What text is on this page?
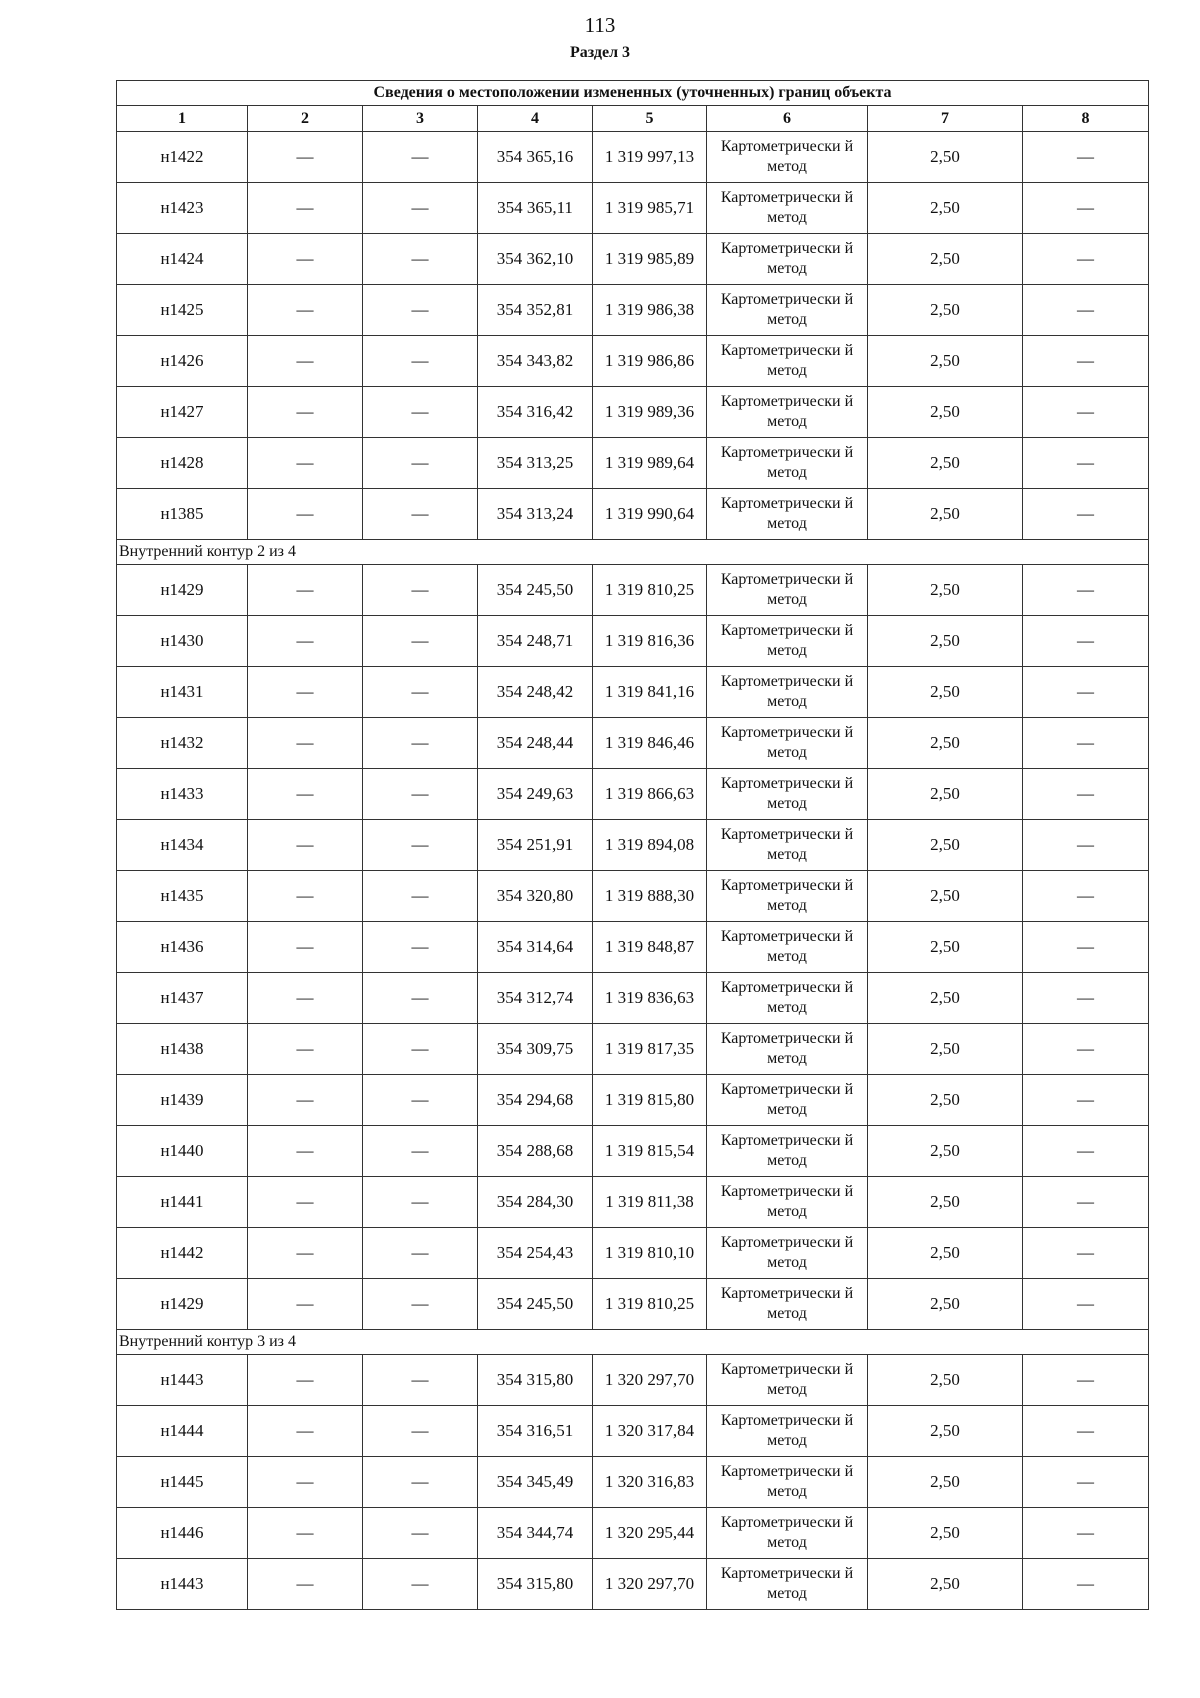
113
Раздел 3
Сведения о местоположении измененных (уточненных) границ объекта							
1	2	3	4	5	6	7	8
н1422	—	—	354 365,16	1 319 997,13	Картометрически й метод	2,50	—
н1423	—	—	354 365,11	1 319 985,71	Картометрически й метод	2,50	—
н1424	—	—	354 362,10	1 319 985,89	Картометрически й метод	2,50	—
н1425	—	—	354 352,81	1 319 986,38	Картометрически й метод	2,50	—
н1426	—	—	354 343,82	1 319 986,86	Картометрически й метод	2,50	—
н1427	—	—	354 316,42	1 319 989,36	Картометрически й метод	2,50	—
н1428	—	—	354 313,25	1 319 989,64	Картометрически й метод	2,50	—
н1385	—	—	354 313,24	1 319 990,64	Картометрически й метод	2,50	—
Внутренний контур 2 из 4							
н1429	—	—	354 245,50	1 319 810,25	Картометрически й метод	2,50	—
н1430	—	—	354 248,71	1 319 816,36	Картометрически й метод	2,50	—
н1431	—	—	354 248,42	1 319 841,16	Картометрически й метод	2,50	—
н1432	—	—	354 248,44	1 319 846,46	Картометрически й метод	2,50	—
н1433	—	—	354 249,63	1 319 866,63	Картометрически й метод	2,50	—
н1434	—	—	354 251,91	1 319 894,08	Картометрически й метод	2,50	—
н1435	—	—	354 320,80	1 319 888,30	Картометрически й метод	2,50	—
н1436	—	—	354 314,64	1 319 848,87	Картометрически й метод	2,50	—
н1437	—	—	354 312,74	1 319 836,63	Картометрически й метод	2,50	—
н1438	—	—	354 309,75	1 319 817,35	Картометрически й метод	2,50	—
н1439	—	—	354 294,68	1 319 815,80	Картометрически й метод	2,50	—
н1440	—	—	354 288,68	1 319 815,54	Картометрически й метод	2,50	—
н1441	—	—	354 284,30	1 319 811,38	Картометрически й метод	2,50	—
н1442	—	—	354 254,43	1 319 810,10	Картометрически й метод	2,50	—
н1429	—	—	354 245,50	1 319 810,25	Картометрически й метод	2,50	—
Внутренний контур 3 из 4							
н1443	—	—	354 315,80	1 320 297,70	Картометрически й метод	2,50	—
н1444	—	—	354 316,51	1 320 317,84	Картометрически й метод	2,50	—
н1445	—	—	354 345,49	1 320 316,83	Картометрически й метод	2,50	—
н1446	—	—	354 344,74	1 320 295,44	Картометрически й метод	2,50	—
н1443	—	—	354 315,80	1 320 297,70	Картометрически й метод	2,50	—
